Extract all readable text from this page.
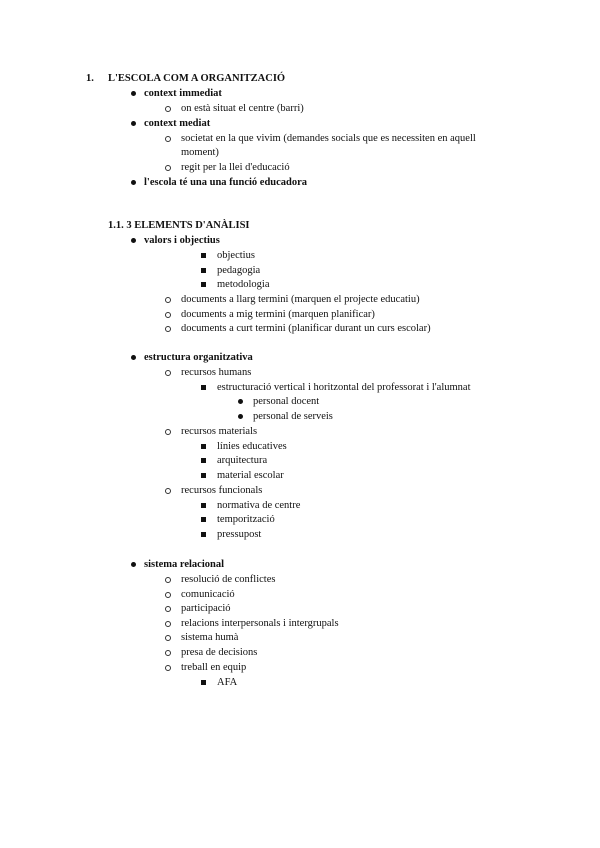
1. L'ESCOLA COM A ORGANITZACIÓ
context immediat
on està situat el centre (barri)
context mediat
societat en la que vivim (demandes socials que es necessiten en aquell
moment)
regit per la llei d'educació
l'escola té una una funció educadora
1.1. 3 ELEMENTS D'ANÀLISI
valors i objectius
objectius
pedagogia
metodologia
documents a llarg termini (marquen el projecte educatiu)
documents a mig termini (marquen planificar)
documents a curt termini (planificar durant un curs escolar)
estructura organitzativa
recursos humans
estructuració vertical i horitzontal del professorat i l'alumnat
personal docent
personal de serveis
recursos materials
línies educatives
arquitectura
material escolar
recursos funcionals
normativa de centre
temporització
pressupost
sistema relacional
resolució de conflictes
comunicació
participació
relacions interpersonals i intergrupals
sistema humà
presa de decisions
treball en equip
AFA
